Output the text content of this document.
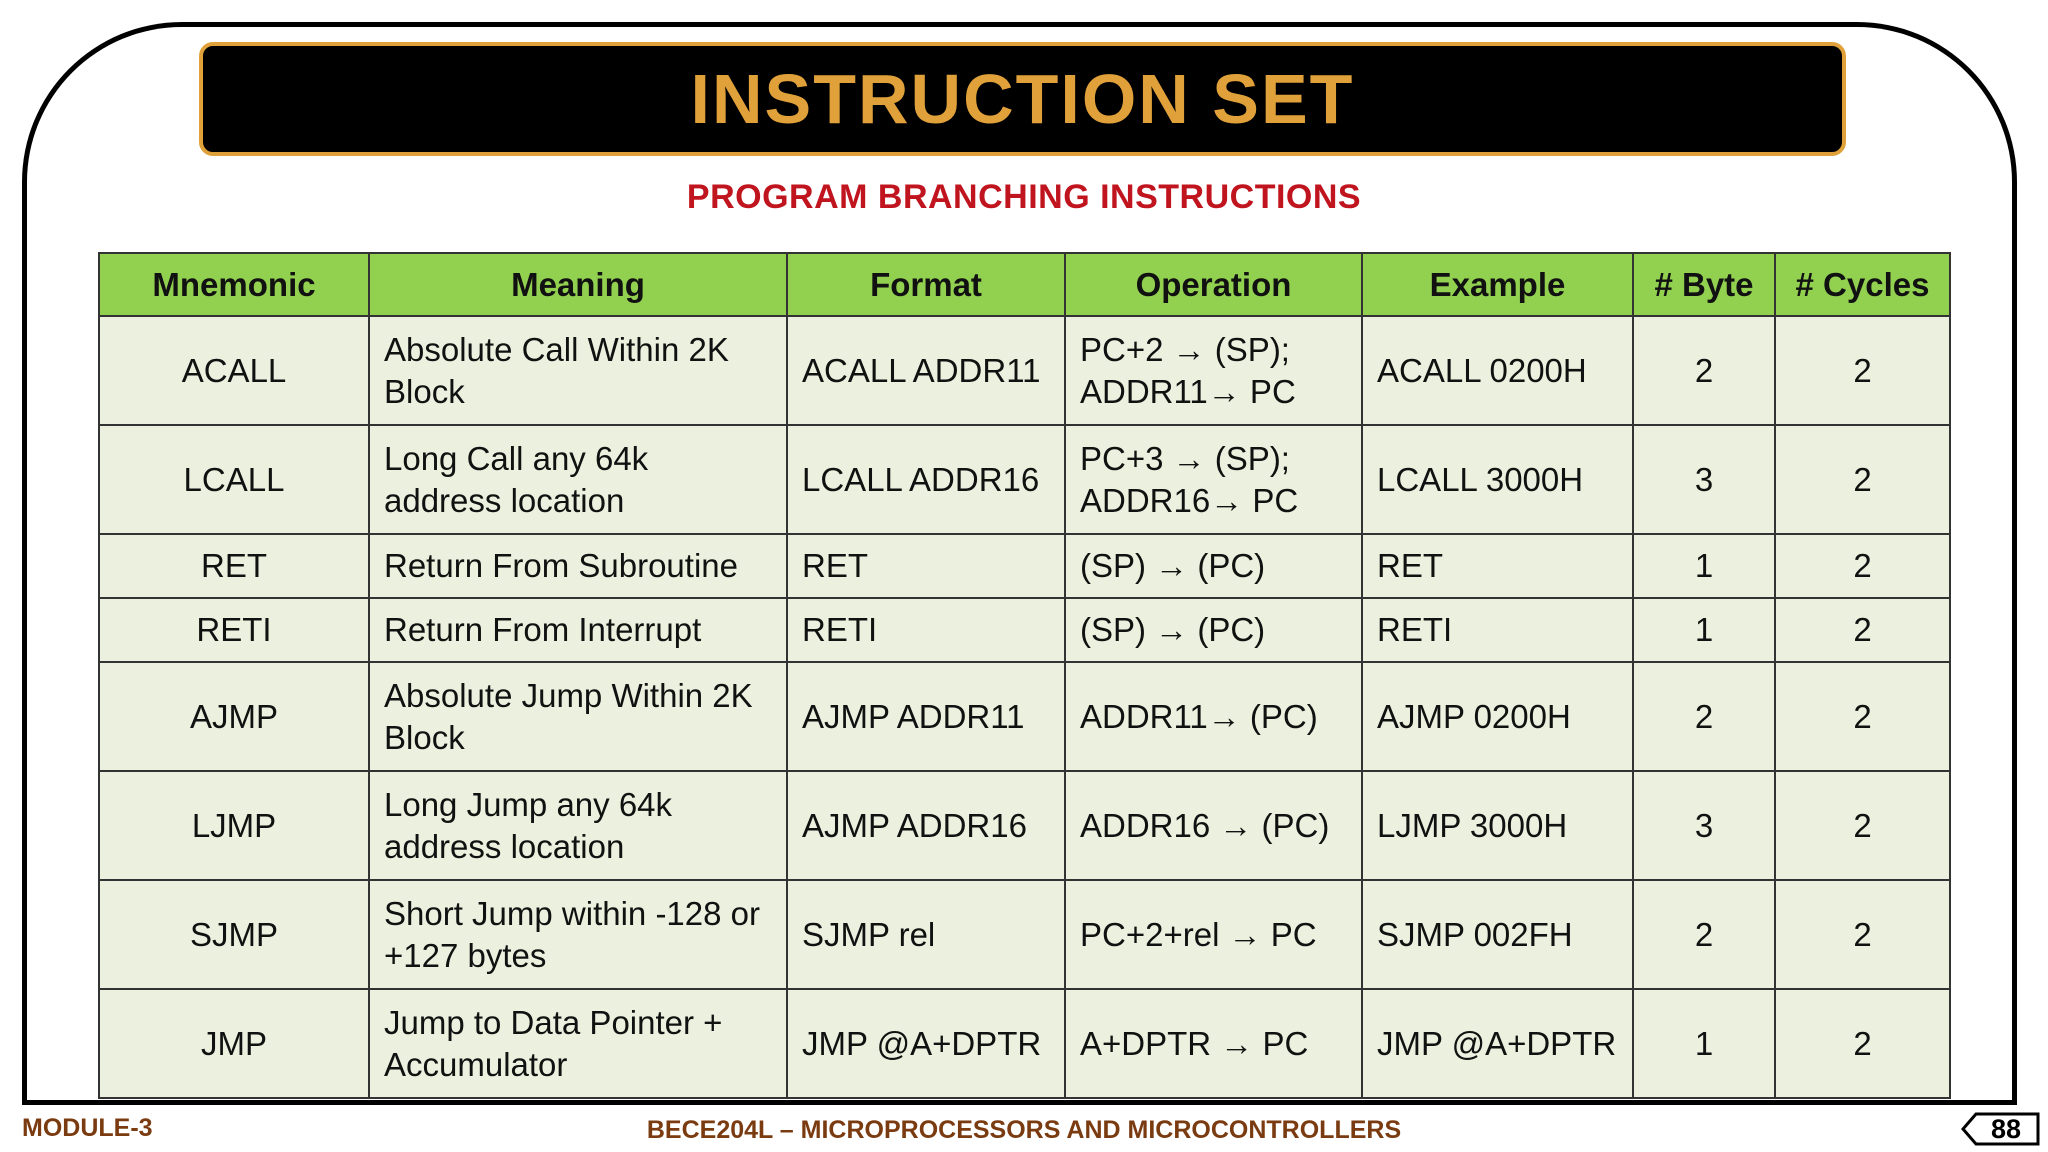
INSTRUCTION SET
PROGRAM BRANCHING INSTRUCTIONS
Mnemonic	Meaning	Format	Operation	Example	# Byte	# Cycles
ACALL	Absolute Call Within 2K Block	ACALL ADDR11	PC+2 → (SP); ADDR11→ PC	ACALL 0200H	2	2
LCALL	Long Call any 64k address location	LCALL ADDR16	PC+3 → (SP); ADDR16→ PC	LCALL 3000H	3	2
RET	Return From Subroutine	RET	(SP) → (PC)	RET	1	2
RETI	Return From Interrupt	RETI	(SP) → (PC)	RETI	1	2
AJMP	Absolute Jump Within 2K Block	AJMP ADDR11	ADDR11→ (PC)	AJMP 0200H	2	2
LJMP	Long Jump any 64k address location	AJMP ADDR16	ADDR16 → (PC)	LJMP 3000H	3	2
SJMP	Short Jump within -128 or +127 bytes	SJMP rel	PC+2+rel → PC	SJMP 002FH	2	2
JMP	Jump to Data Pointer + Accumulator	JMP @A+DPTR	A+DPTR → PC	JMP @A+DPTR	1	2
MODULE-3	BECE204L – MICROPROCESSORS AND MICROCONTROLLERS	88
